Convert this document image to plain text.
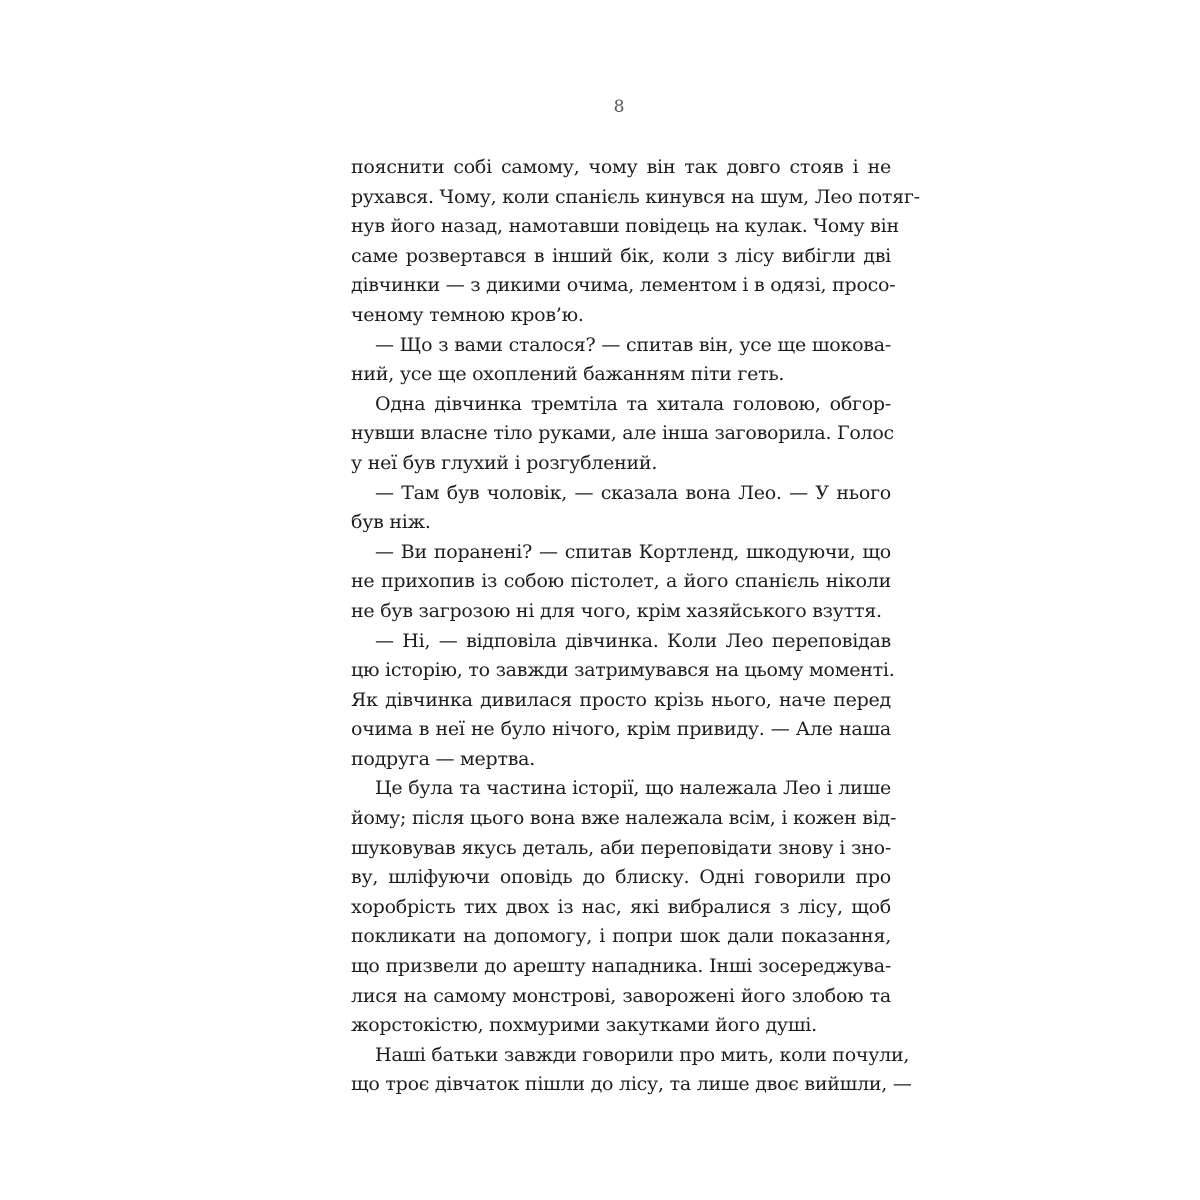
8
пояснити собі самому, чому він так довго стояв і не
рухався. Чому, коли спанієль кинувся на шум, Лео потяг-
нув його назад, намотавши повідець на кулак. Чому він
саме розвертався в інший бік, коли з лісу вибігли дві
дівчинки — з дикими очима, лементом і в одязі, просо-
ченому темною кров’ю.
— Що з вами сталося? — спитав він, усе ще шокова-
ний, усе ще охоплений бажанням піти геть.
Одна дівчинка тремтіла та хитала головою, обгор-
нувши власне тіло руками, але інша заговорила. Голос
у неї був глухий і розгублений.
— Там був чоловік, — сказала вона Лео. — У нього
був ніж.
— Ви поранені? — спитав Кортленд, шкодуючи, що
не прихопив із собою пістолет, а його спанієль ніколи
не був загрозою ні для чого, крім хазяйського взуття.
— Ні, — відповіла дівчинка. Коли Лео переповідав
цю історію, то завжди затримувався на цьому моменті.
Як дівчинка дивилася просто крізь нього, наче перед
очима в неї не було нічого, крім привиду. — Але наша
подруга — мертва.
Це була та частина історії, що належала Лео і лише
йому; після цього вона вже належала всім, і кожен від-
шуковував якусь деталь, аби переповідати знову і зно-
ву, шліфуючи оповідь до блиску. Одні говорили про
хоробрість тих двох із нас, які вибралися з лісу, щоб
покликати на допомогу, і попри шок дали показання,
що призвели до арешту нападника. Інші зосереджува-
лися на самому монстрові, заворожені його злобою та
жорстокістю, похмурими закутками його душі.
Наші батьки завжди говорили про мить, коли почули,
що троє дівчаток пішли до лісу, та лише двоє вийшли, —
